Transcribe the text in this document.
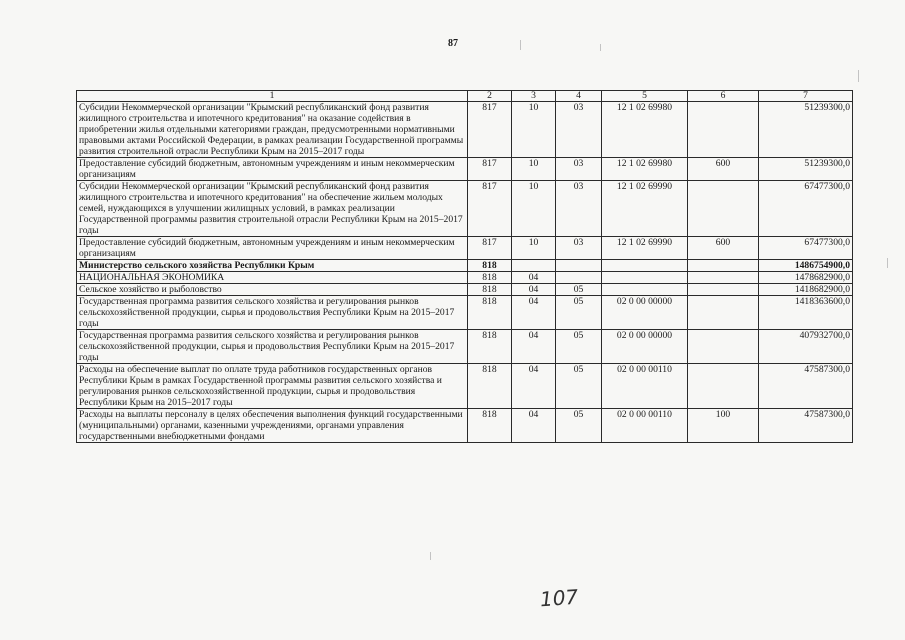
87
1	2	3	4	5	6	7
Субсидии Некоммерческой организации "Крымский республиканский фонд развития жилищного строительства и ипотечного кредитования" на оказание содействия в приобретении жилья отдельными категориями граждан, предусмотренными нормативными правовыми актами Российской Федерации, в рамках реализации Государственной программы развития строительной отрасли Республики Крым на 2015–2017 годы	817	10	03	12 1 02 69980		51239300,0
Предоставление субсидий бюджетным, автономным учреждениям и иным некоммерческим организациям	817	10	03	12 1 02 69980	600	51239300,0
Субсидии Некоммерческой организации "Крымский республиканский фонд развития жилищного строительства и ипотечного кредитования" на обеспечение жильем молодых семей, нуждающихся в улучшении жилищных условий, в рамках реализации Государственной программы развития строительной отрасли Республики Крым на 2015–2017 годы	817	10	03	12 1 02 69990		67477300,0
Предоставление субсидий бюджетным, автономным учреждениям и иным некоммерческим организациям	817	10	03	12 1 02 69990	600	67477300,0
Министерство сельского хозяйства Республики Крым	818					1486754900,0
НАЦИОНАЛЬНАЯ ЭКОНОМИКА	818	04				1478682900,0
Сельское хозяйство и рыболовство	818	04	05			1418682900,0
Государственная программа развития сельского хозяйства и регулирования рынков сельскохозяйственной продукции, сырья и продовольствия Республики Крым на 2015–2017 годы	818	04	05	02 0 00 00000		1418363600,0
Государственная программа развития сельского хозяйства и регулирования рынков сельскохозяйственной продукции, сырья и продовольствия Республики Крым на 2015–2017 годы	818	04	05	02 0 00 00000		407932700,0
Расходы на обеспечение выплат по оплате труда работников государственных органов Республики Крым в рамках Государственной программы развития сельского хозяйства и регулирования рынков сельскохозяйственной продукции, сырья и продовольствия Республики Крым на 2015–2017 годы	818	04	05	02 0 00 00110		47587300,0
Расходы на выплаты персоналу в целях обеспечения выполнения функций государственными (муниципальными) органами, казенными учреждениями, органами управления государственными внебюджетными фондами	818	04	05	02 0 00 00110	100	47587300,0
107
